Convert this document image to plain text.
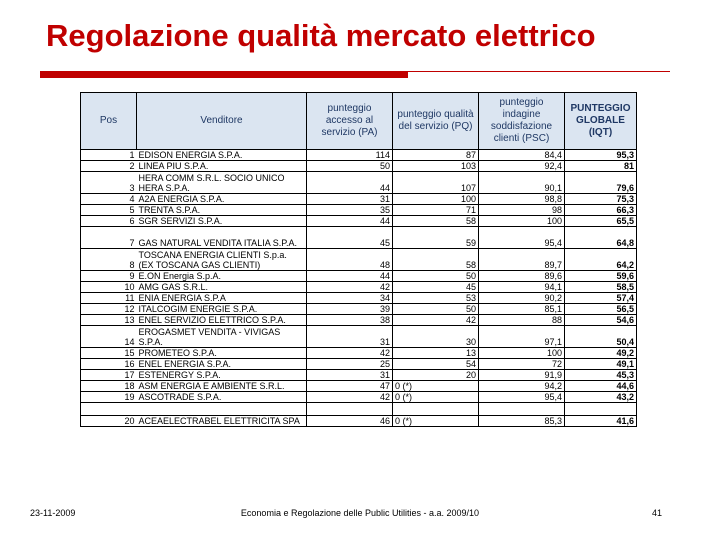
Regolazione qualità mercato elettrico
Pos	Venditore	punteggio accesso al servizio (PA)	punteggio qualità del servizio (PQ)	punteggio indagine soddisfazione clienti (PSC)	PUNTEGGIO GLOBALE (IQT)
1	EDISON ENERGIA S.P.A.	114	87	84,4	95,3
2	LINEA PIU S.P.A.	50	103	92,4	81
3	HERA COMM S.R.L. SOCIO UNICO HERA S.P.A.	44	107	90,1	79,6
4	A2A ENERGIA S.P.A.	31	100	98,8	75,3
5	TRENTA S.P.A.	35	71	98	66,3
6	SGR SERVIZI S.P.A.	44	58	100	65,5
7	GAS NATURAL VENDITA ITALIA S.P.A.	45	59	95,4	64,8
8	TOSCANA ENERGIA CLIENTI S.p.a. (EX TOSCANA GAS CLIENTI)	48	58	89,7	64,2
9	E.ON Energia S.p.A.	44	50	89,6	59,6
10	AMG GAS S.R.L.	42	45	94,1	58,5
11	ENIA ENERGIA S.P.A	34	53	90,2	57,4
12	ITALCOGIM ENERGIE S.P.A.	39	50	85,1	56,5
13	ENEL SERVIZIO ELETTRICO S.P.A.	38	42	88	54,6
14	EROGASMET VENDITA - VIVIGAS S.P.A.	31	30	97,1	50,4
15	PROMETEO S.P.A.	42	13	100	49,2
16	ENEL ENERGIA S.P.A.	25	54	72	49,1
17	ESTENERGY S.P.A.	31	20	91,9	45,3
18	ASM ENERGIA E AMBIENTE S.R.L.	47	0 (*)	94,2	44,6
19	ASCOTRADE S.P.A.	42	0 (*)	95,4	43,2

20	ACEAELECTRABEL ELETTRICITA SPA	46	0 (*)	85,3	41,6
23-11-2009	Economia e Regolazione delle Public Utilities - a.a. 2009/10	41
